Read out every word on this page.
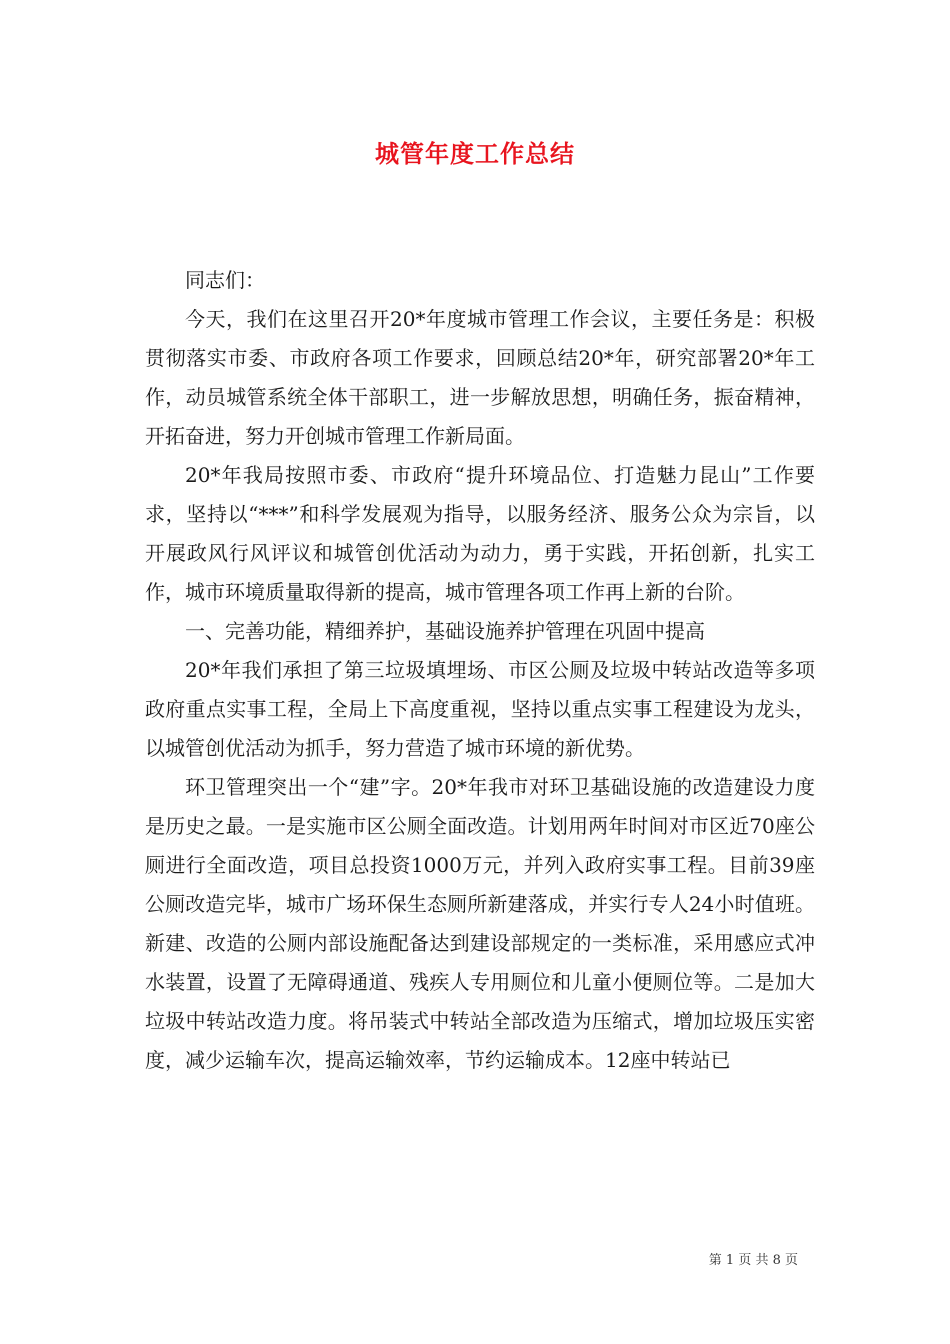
城管年度工作总结

同志们：

今天，我们在这里召开20*年度城市管理工作会议，主要任务是：积极贯彻落实市委、市政府各项工作要求，回顾总结20*年，研究部署20*年工作，动员城管系统全体干部职工，进一步解放思想，明确任务，振奋精神，开拓奋进，努力开创城市管理工作新局面。

20*年我局按照市委、市政府“提升环境品位、打造魅力昆山”工作要求，坚持以“***”和科学发展观为指导，以服务经济、服务公众为宗旨，以开展政风行风评议和城管创优活动为动力，勇于实践，开拓创新，扎实工作，城市环境质量取得新的提高，城市管理各项工作再上新的台阶。

一、完善功能，精细养护，基础设施养护管理在巩固中提高

20*年我们承担了第三垃圾填埋场、市区公厕及垃圾中转站改造等多项政府重点实事工程，全局上下高度重视，坚持以重点实事工程建设为龙头，以城管创优活动为抓手，努力营造了城市环境的新优势。

环卫管理突出一个“建”字。20*年我市对环卫基础设施的改造建设力度是历史之最。一是实施市区公厕全面改造。计划用两年时间对市区近70座公厕进行全面改造，项目总投资1000万元，并列入政府实事工程。目前39座公厕改造完毕，城市广场环保生态厕所新建落成，并实行专人24小时值班。新建、改造的公厕内部设施配备达到建设部规定的一类标准，采用感应式冲水装置，设置了无障碍通道、残疾人专用厕位和儿童小便厕位等。二是加大垃圾中转站改造力度。将吊装式中转站全部改造为压缩式，增加垃圾压实密度，减少运输车次，提高运输效率，节约运输成本。12座中转站已

第 1 页 共 8 页
